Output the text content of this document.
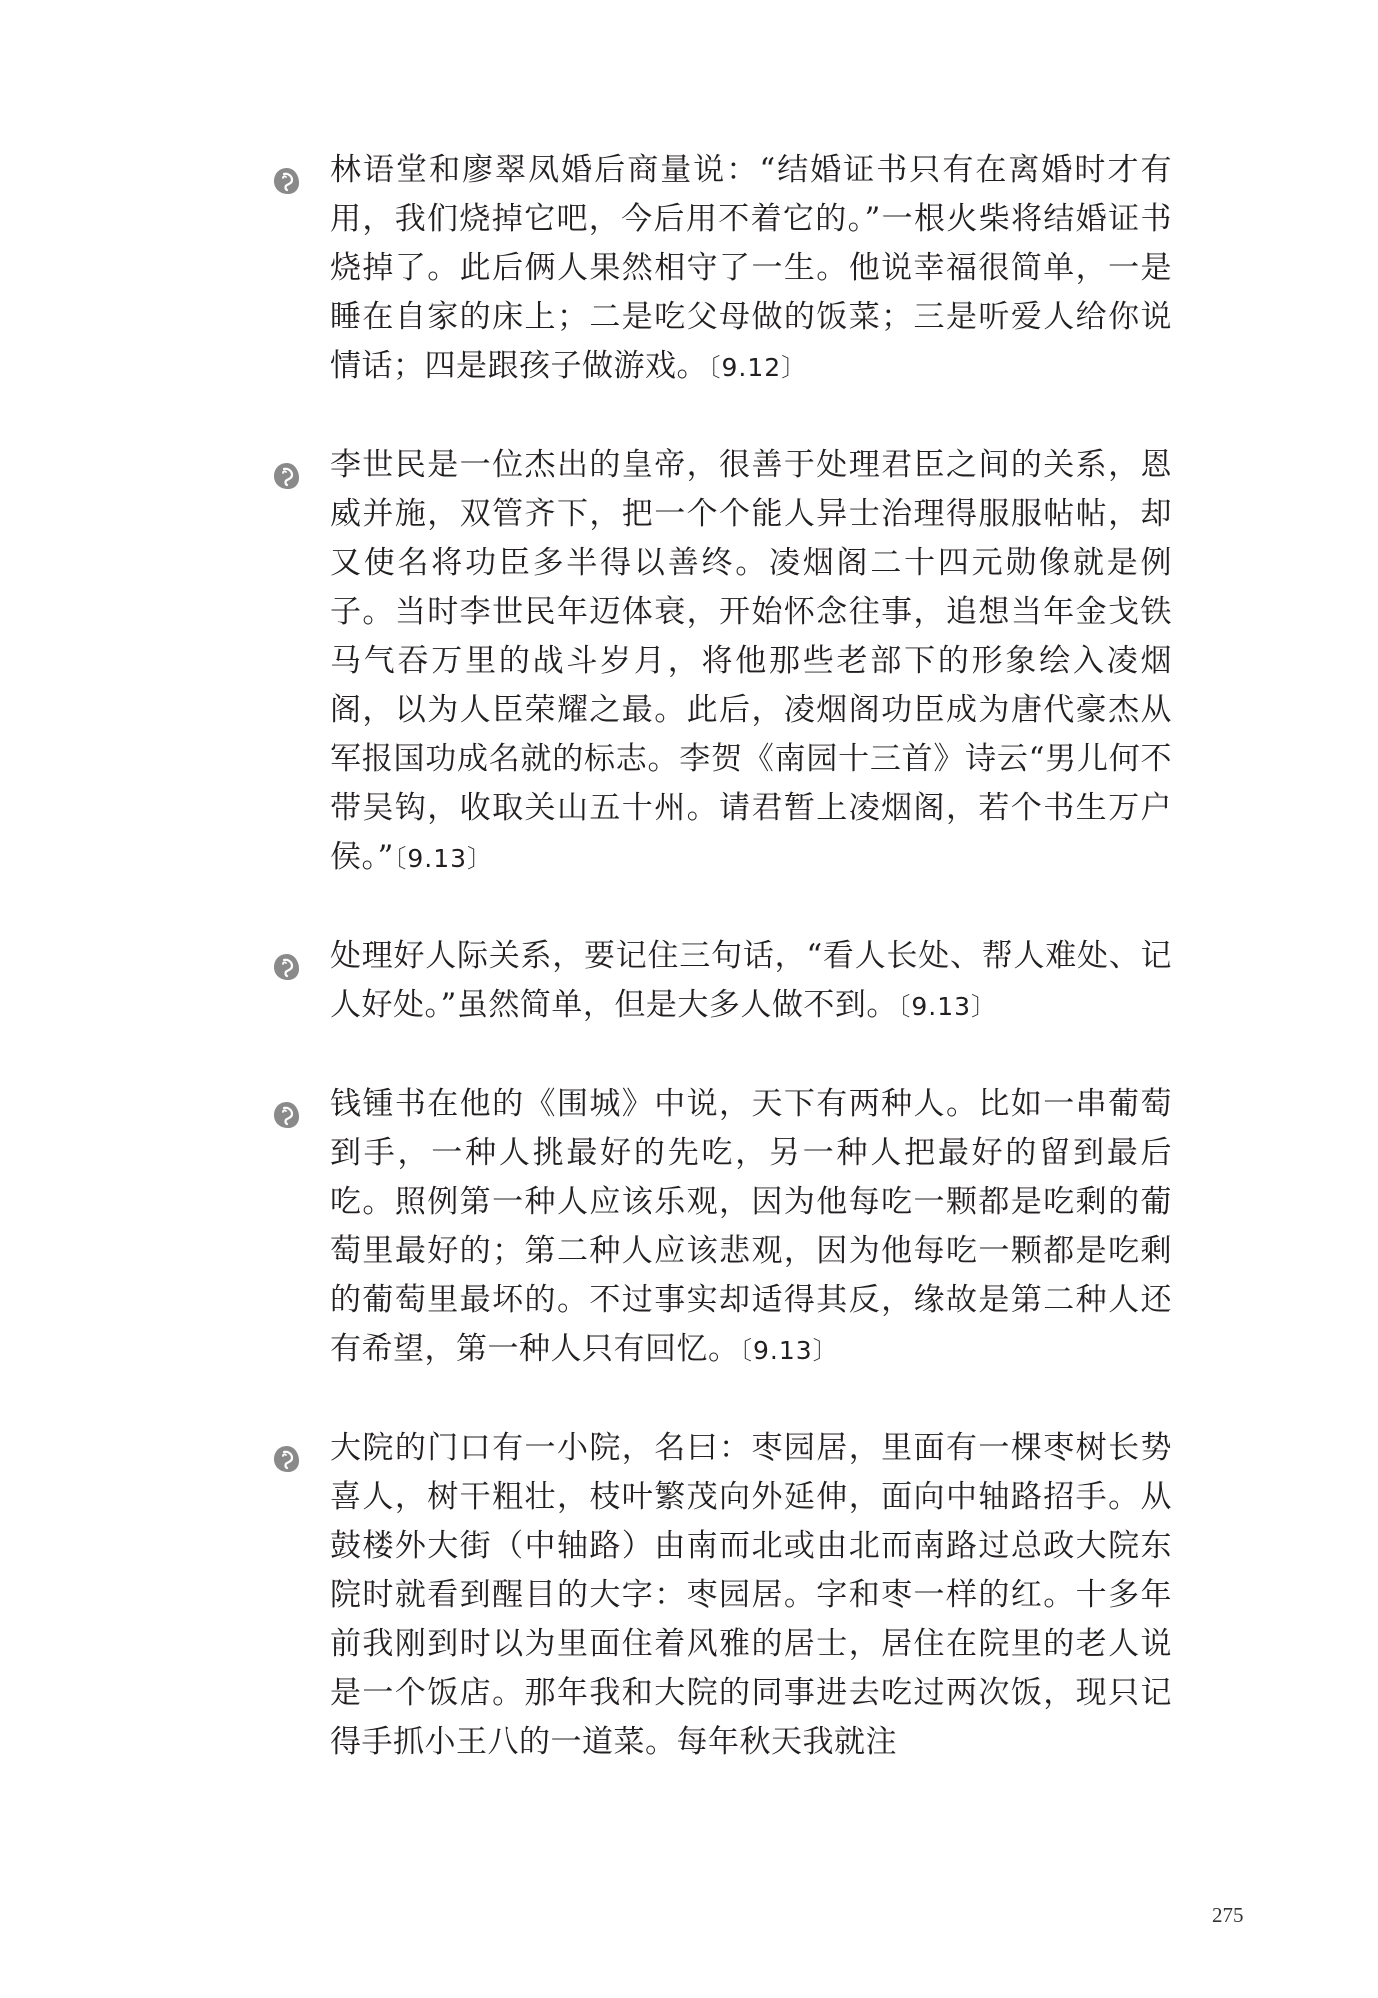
林语堂和廖翠凤婚后商量说：“结婚证书只有在离婚时才有用，我们烧掉它吧，今后用不着它的。”一根火柴将结婚证书烧掉了。此后俩人果然相守了一生。他说幸福很简单，一是睡在自家的床上；二是吃父母做的饭菜；三是听爱人给你说情话；四是跟孩子做游戏。〔9.12〕

李世民是一位杰出的皇帝，很善于处理君臣之间的关系，恩威并施，双管齐下，把一个个能人异士治理得服服帖帖，却又使名将功臣多半得以善终。凌烟阁二十四元勋像就是例子。当时李世民年迈体衰，开始怀念往事，追想当年金戈铁马气吞万里的战斗岁月，将他那些老部下的形象绘入凌烟阁，以为人臣荣耀之最。此后，凌烟阁功臣成为唐代豪杰从军报国功成名就的标志。李贺《南园十三首》诗云“男儿何不带吴钩，收取关山五十州。请君暂上凌烟阁，若个书生万户侯。”〔9.13〕

处理好人际关系，要记住三句话，“看人长处、帮人难处、记人好处。”虽然简单，但是大多人做不到。〔9.13〕

钱锺书在他的《围城》中说，天下有两种人。比如一串葡萄到手，一种人挑最好的先吃，另一种人把最好的留到最后吃。照例第一种人应该乐观，因为他每吃一颗都是吃剩的葡萄里最好的；第二种人应该悲观，因为他每吃一颗都是吃剩的葡萄里最坏的。不过事实却适得其反，缘故是第二种人还有希望，第一种人只有回忆。〔9.13〕

大院的门口有一小院，名曰：枣园居，里面有一棵枣树长势喜人，树干粗壮，枝叶繁茂向外延伸，面向中轴路招手。从鼓楼外大街（中轴路）由南而北或由北而南路过总政大院东院时就看到醒目的大字：枣园居。字和枣一样的红。十多年前我刚到时以为里面住着风雅的居士，居住在院里的老人说是一个饭店。那年我和大院的同事进去吃过两次饭，现只记得手抓小王八的一道菜。每年秋天我就注

275
